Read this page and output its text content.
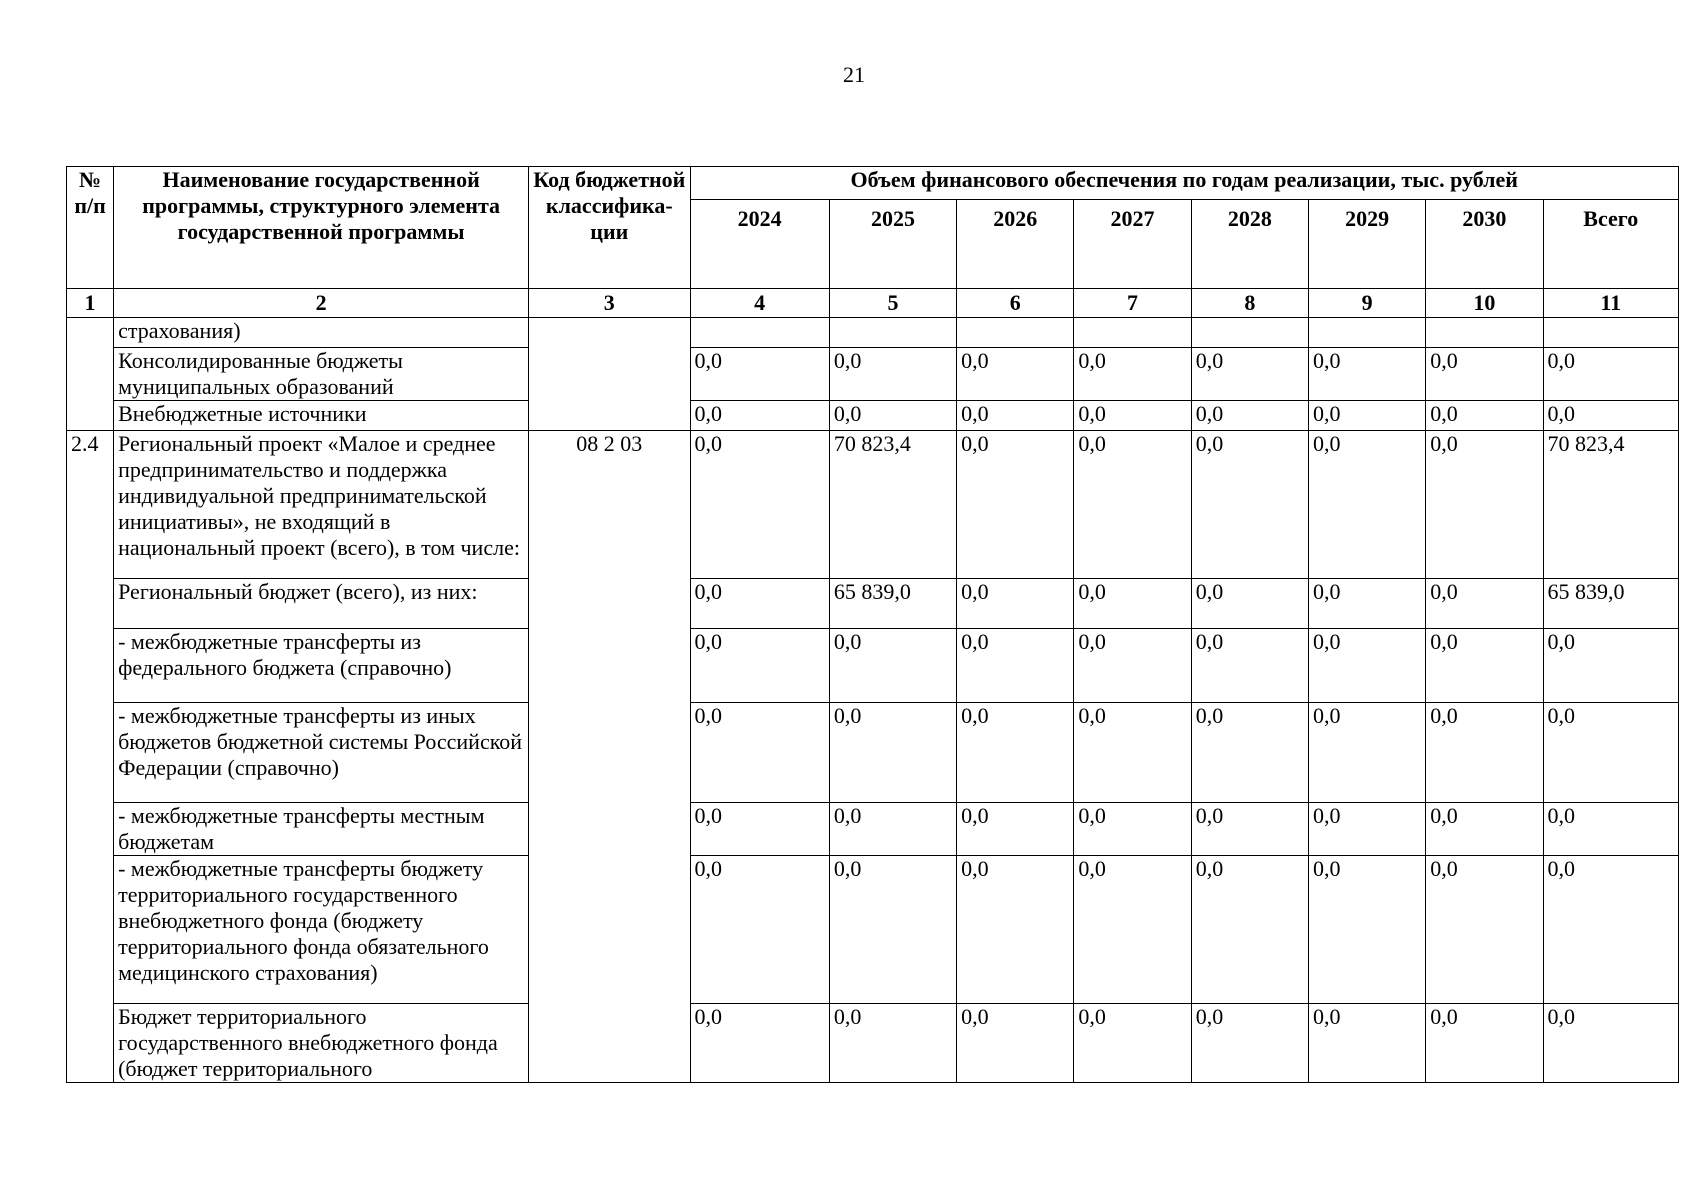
21
№ п/п	Наименование государственной программы, структурного элемента государственной программы	Код бюджетной классифика-ции	Объем финансового обеспечения по годам реализации, тыс. рублей							
			2024	2025	2026	2027	2028	2029	2030	Всего
1	2	3	4	5	6	7	8	9	10	11
	страхования)									
	Консолидированные бюджеты муниципальных образований		0,0	0,0	0,0	0,0	0,0	0,0	0,0	0,0
	Внебюджетные источники		0,0	0,0	0,0	0,0	0,0	0,0	0,0	0,0
2.4	Региональный проект «Малое и среднее предпринимательство и поддержка индивидуальной предпринимательской инициативы», не входящий в национальный проект (всего), в том числе:	08 2 03	0,0	70 823,4	0,0	0,0	0,0	0,0	0,0	70 823,4
	Региональный бюджет (всего), из них:		0,0	65 839,0	0,0	0,0	0,0	0,0	0,0	65 839,0
	- межбюджетные трансферты из федерального бюджета (справочно)		0,0	0,0	0,0	0,0	0,0	0,0	0,0	0,0
	- межбюджетные трансферты из иных бюджетов бюджетной системы Российской Федерации (справочно)		0,0	0,0	0,0	0,0	0,0	0,0	0,0	0,0
	- межбюджетные трансферты местным бюджетам		0,0	0,0	0,0	0,0	0,0	0,0	0,0	0,0
	- межбюджетные трансферты бюджету территориального государственного внебюджетного фонда (бюджету территориального фонда обязательного медицинского страхования)		0,0	0,0	0,0	0,0	0,0	0,0	0,0	0,0
	Бюджет территориального государственного внебюджетного фонда (бюджет территориального		0,0	0,0	0,0	0,0	0,0	0,0	0,0	0,0
